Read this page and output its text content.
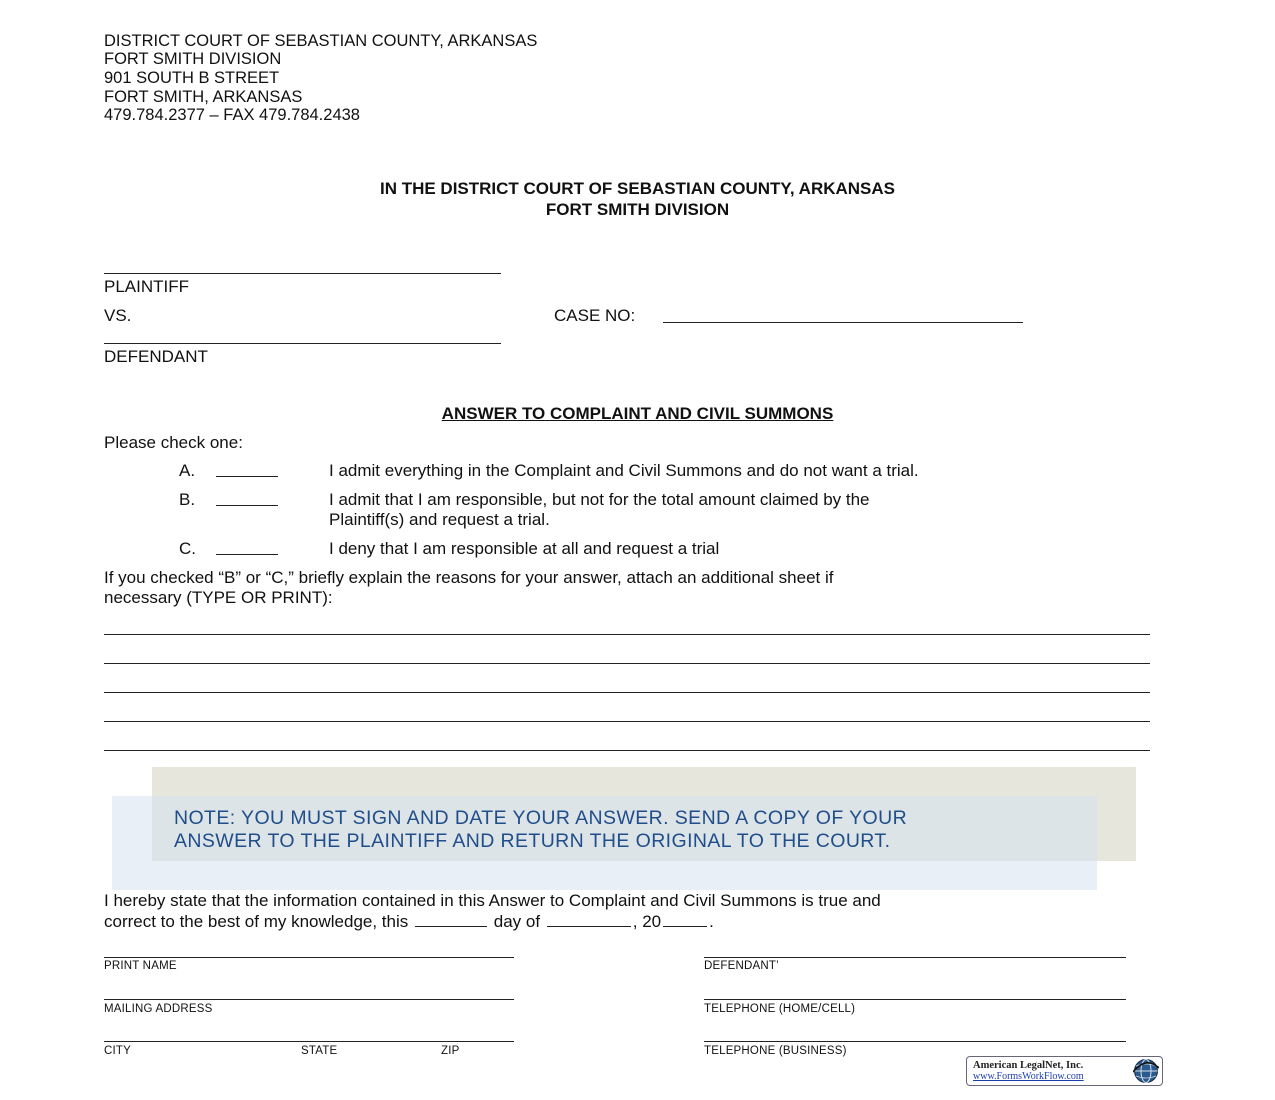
DISTRICT COURT OF SEBASTIAN COUNTY, ARKANSAS
FORT SMITH DIVISION
901 SOUTH B STREET
FORT SMITH, ARKANSAS
479.784.2377 – FAX 479.784.2438
IN THE DISTRICT COURT OF SEBASTIAN COUNTY, ARKANSAS
FORT SMITH DIVISION
PLAINTIFF
VS.	CASE NO:
DEFENDANT
ANSWER TO COMPLAINT AND CIVIL SUMMONS
Please check one:
A.	I admit everything in the Complaint and Civil Summons and do not want a trial.
B.	I admit that I am responsible, but not for the total amount claimed by the
Plaintiff(s) and request a trial.
C.	I deny that I am responsible at all and request a trial
If you checked “B” or “C,” briefly explain the reasons for your answer, attach an additional sheet if
necessary (TYPE OR PRINT):
NOTE: YOU MUST SIGN AND DATE YOUR ANSWER. SEND A COPY OF YOUR
ANSWER TO THE PLAINTIFF AND RETURN THE ORIGINAL TO THE COURT.
I hereby state that the information contained in this Answer to Complaint and Civil Summons is true and
correct to the best of my knowledge, this	day of	, 20	.
PRINT NAME	DEFENDANT’
MAILING ADDRESS	TELEPHONE (HOME/CELL)
CITY	STATE	ZIP	TELEPHONE (BUSINESS)
American LegalNet, Inc.
www.FormsWorkFlow.com
